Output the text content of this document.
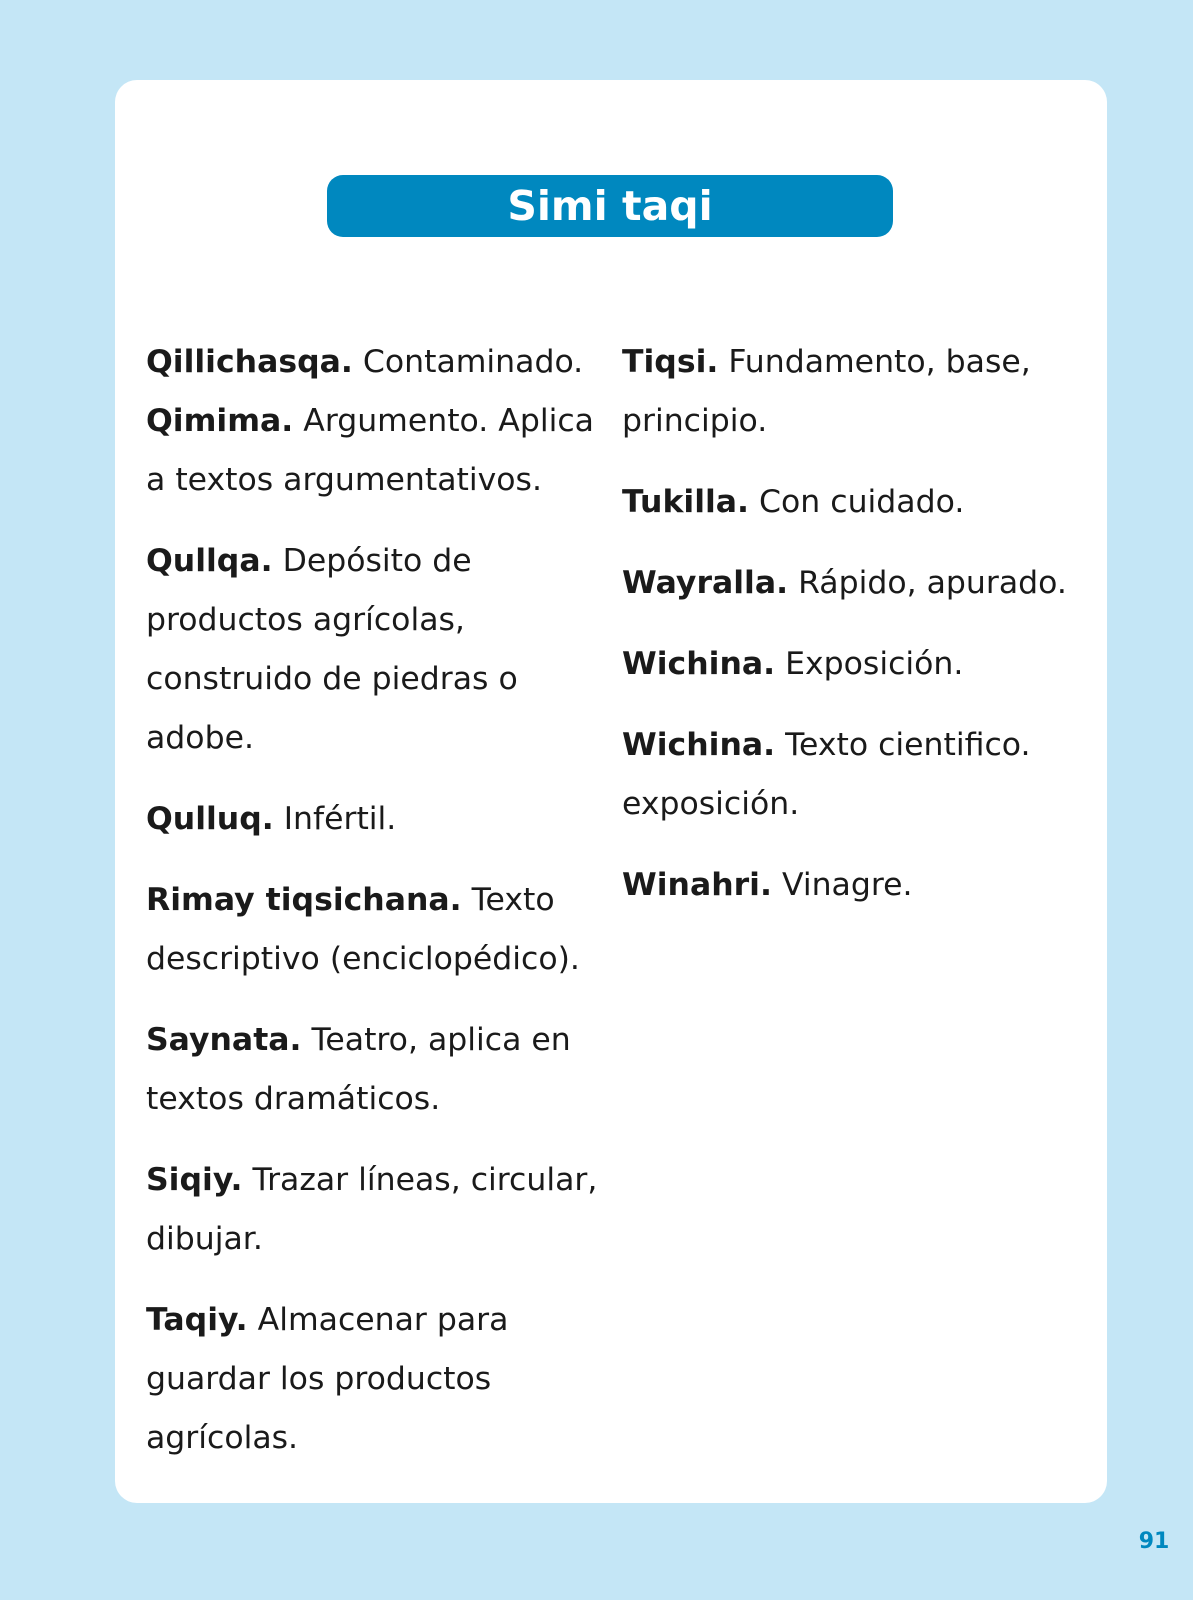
Simi taqi

Qillichasqa. Contaminado.

Qimima. Argumento. Aplica a textos argumentativos.

Qullqa. Depósito de productos agrícolas, construido de piedras o adobe.

Qulluq. Infértil.

Rimay tiqsichana. Texto descriptivo (enciclopédico).

Saynata. Teatro, aplica en textos dramáticos.

Siqiy. Trazar líneas, circular, dibujar.

Taqiy. Almacenar para guardar los productos agrícolas.

Tiqsi. Fundamento, base, principio.

Tukilla. Con cuidado.

Wayralla. Rápido, apurado.

Wichina. Exposición.

Wichina. Texto cientifico. exposición.

Winahri. Vinagre.

91
